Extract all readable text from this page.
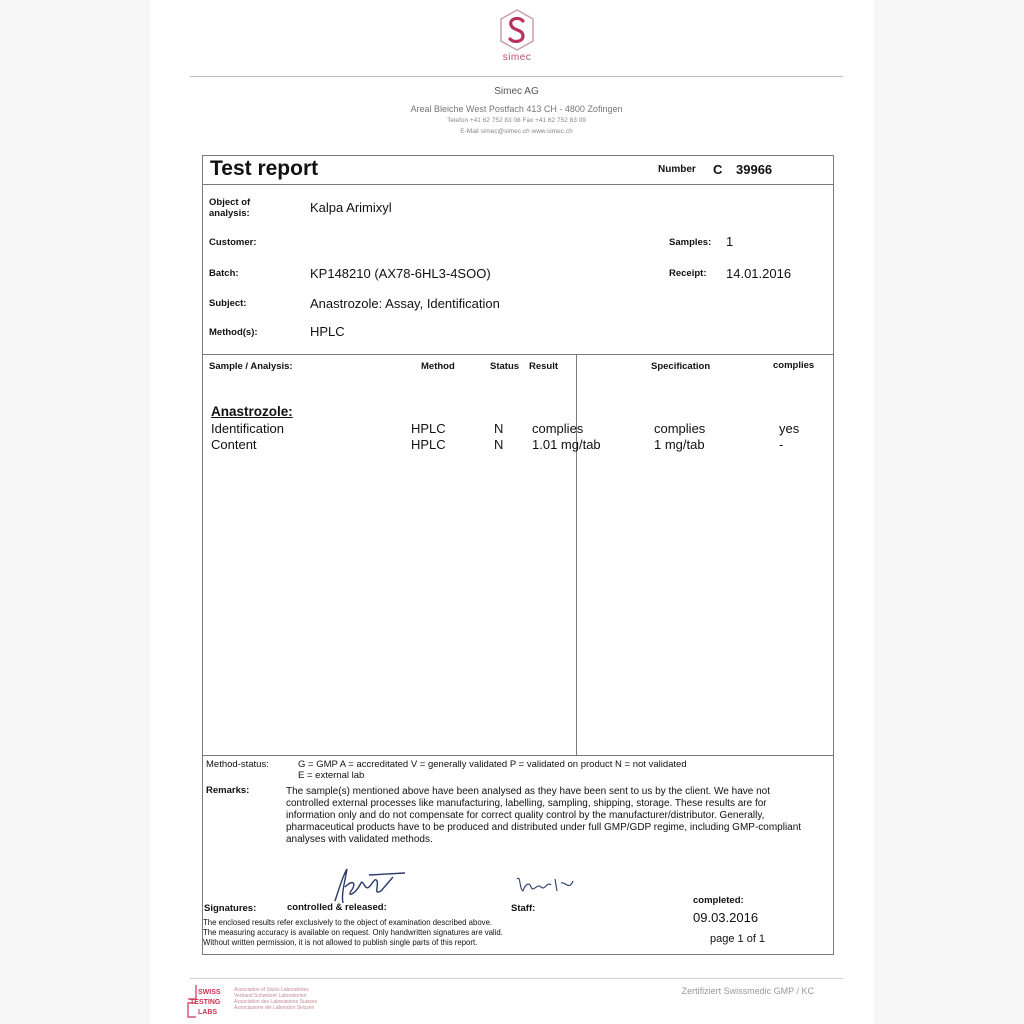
simec
Simec AG
Areal Bleiche West Postfach 413 CH - 4800 Zofingen
Telefon +41 62 752 83 08 Fax +41 62 752 83 09
E-Mail simec@simec.ch www.simec.ch
Test report	Number C 39966
Object of analysis:	Kalpa Arimixyl
Customer:	Samples: 1
Batch:	KP148210 (AX78-6HL3-4SOO)	Receipt: 14.01.2016
Subject:	Anastrozole: Assay, Identification
Method(s):	HPLC
Sample / Analysis:	Method	Status Result	Specification	complies
Anastrozole:
Identification	HPLC	N complies	complies	yes
Content	HPLC	N 1.01 mg/tab	1 mg/tab	-
Method-status:	G = GMP A = accreditated V = generally validated P = validated on product N = not validated
E = external lab
Remarks:	The sample(s) mentioned above have been analysed as they have been sent to us by the client. We have not controlled external processes like manufacturing, labelling, sampling, shipping, storage. These results are for information only and do not compensate for correct quality control by the manufacturer/distributor. Generally, pharmaceutical products have to be produced and distributed under full GMP/GDP regime, including GMP-compliant analyses with validated methods.
Signatures:	controlled & released:	Staff:
completed:
09.03.2016
page 1 of 1
The enclosed results refer exclusively to the object of examination described above.
The measuring accuracy is available on request. Only handwritten signatures are valid.
Without written permission, it is not allowed to publish single parts of this report.
SWISS
TESTING
LABS
Association of Swiss Laboratories
Verband Schweizer Laboratorien
Association des Laboratoires Suisses
Associazione dei Laboratori Svizzeri
Zertifiziert Swissmedic GMP / KC
